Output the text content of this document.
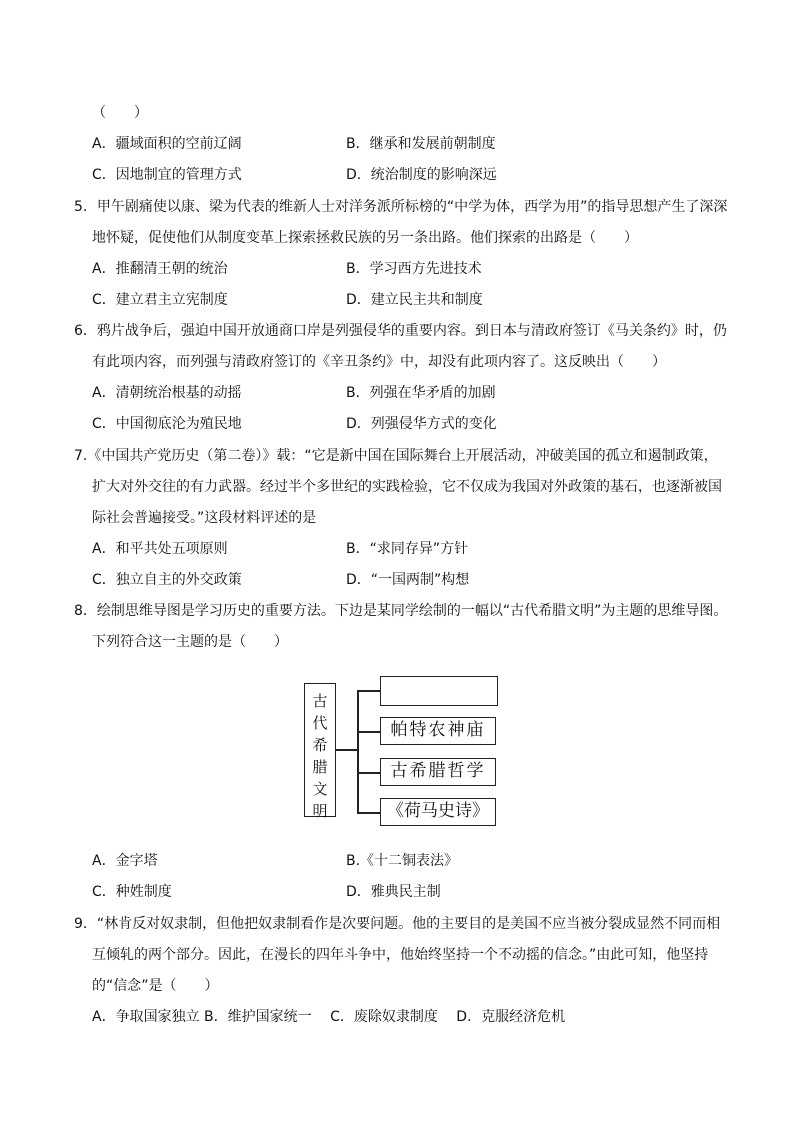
（　　）
A．疆域面积的空前辽阔	B．继承和发展前朝制度
C．因地制宜的管理方式	D．统治制度的影响深远
5．甲午剧痛使以康、梁为代表的维新人士对洋务派所标榜的“中学为体，西学为用”的指导思想产生了深深
地怀疑，促使他们从制度变革上探索拯救民族的另一条出路。他们探索的出路是（　　）
A．推翻清王朝的统治	B．学习西方先进技术
C．建立君主立宪制度	D．建立民主共和制度
6．鸦片战争后，强迫中国开放通商口岸是列强侵华的重要内容。到日本与清政府签订《马关条约》时，仍
有此项内容，而列强与清政府签订的《辛丑条约》中，却没有此项内容了。这反映出（　　）
A．清朝统治根基的动摇	B．列强在华矛盾的加剧
C．中国彻底沦为殖民地	D．列强侵华方式的变化
7.《中国共产党历史（第二卷）》载：“它是新中国在国际舞台上开展活动，冲破美国的孤立和遏制政策，
扩大对外交往的有力武器。经过半个多世纪的实践检验，它不仅成为我国对外政策的基石，也逐渐被国
际社会普遍接受。”这段材料评述的是
A．和平共处五项原则	B．“求同存异”方针
C．独立自主的外交政策	D．“一国两制”构想
8．绘制思维导图是学习历史的重要方法。下边是某同学绘制的一幅以“古代希腊文明”为主题的思维导图。
下列符合这一主题的是（　　）
古
代
希
腊
文
明
帕特农神庙
古希腊哲学
《荷马史诗》
A．金字塔	B.《十二铜表法》
C．种姓制度	D．雅典民主制
9．“林肯反对奴隶制，但他把奴隶制看作是次要问题。他的主要目的是美国不应当被分裂成显然不同而相
互倾轧的两个部分。因此，在漫长的四年斗争中，他始终坚持一个不动摇的信念。”由此可知，他坚持
的“信念”是（　　）
A．争取国家独立 B．维护国家统一　 C．废除奴隶制度　 D．克服经济危机
